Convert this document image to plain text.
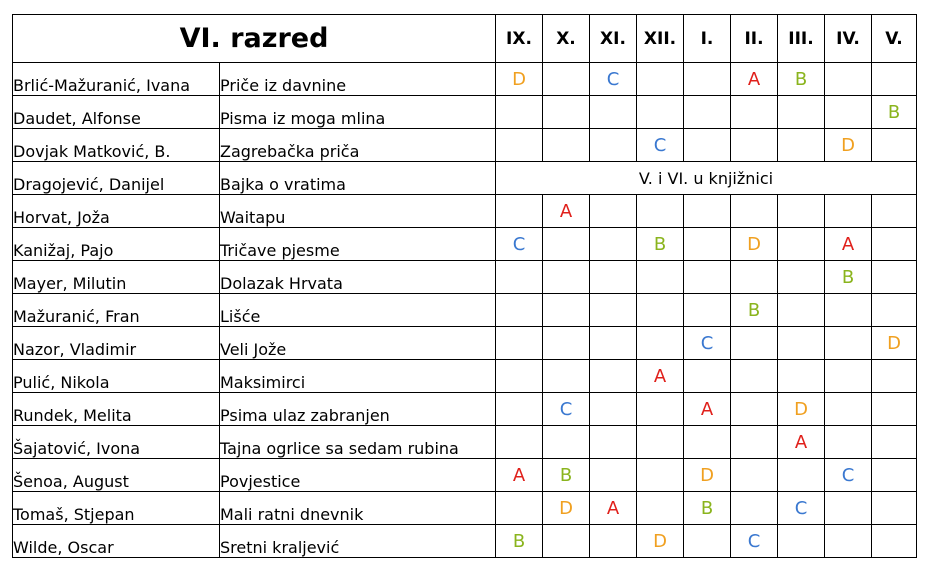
VI. razred		IX.	X.	XI.	XII.	I.	II.	III.	IV.	V.
Brlić-Mažuranić, Ivana	Priče iz davnine	D		C			A	B		
Daudet, Alfonse	Pisma iz moga mlina									B
Dovjak Matković, B.	Zagrebačka priča				C				D	
Dragojević, Danijel	Bajka o vratima	V. i VI. u knjižnici								
Horvat, Joža	Waitapu		A							
Kanižaj, Pajo	Tričave pjesme	C			B		D		A	
Mayer, Milutin	Dolazak Hrvata								B	
Mažuranić, Fran	Lišće						B			
Nazor, Vladimir	Veli Jože					C				D
Pulić, Nikola	Maksimirci				A					
Rundek, Melita	Psima ulaz zabranjen		C			A		D		
Šajatović, Ivona	Tajna ogrlice sa sedam rubina							A		
Šenoa, August	Povjestice	A	B			D			C	
Tomaš, Stjepan	Mali ratni dnevnik		D	A		B		C		
Wilde, Oscar	Sretni kraljević	B			D		C			
